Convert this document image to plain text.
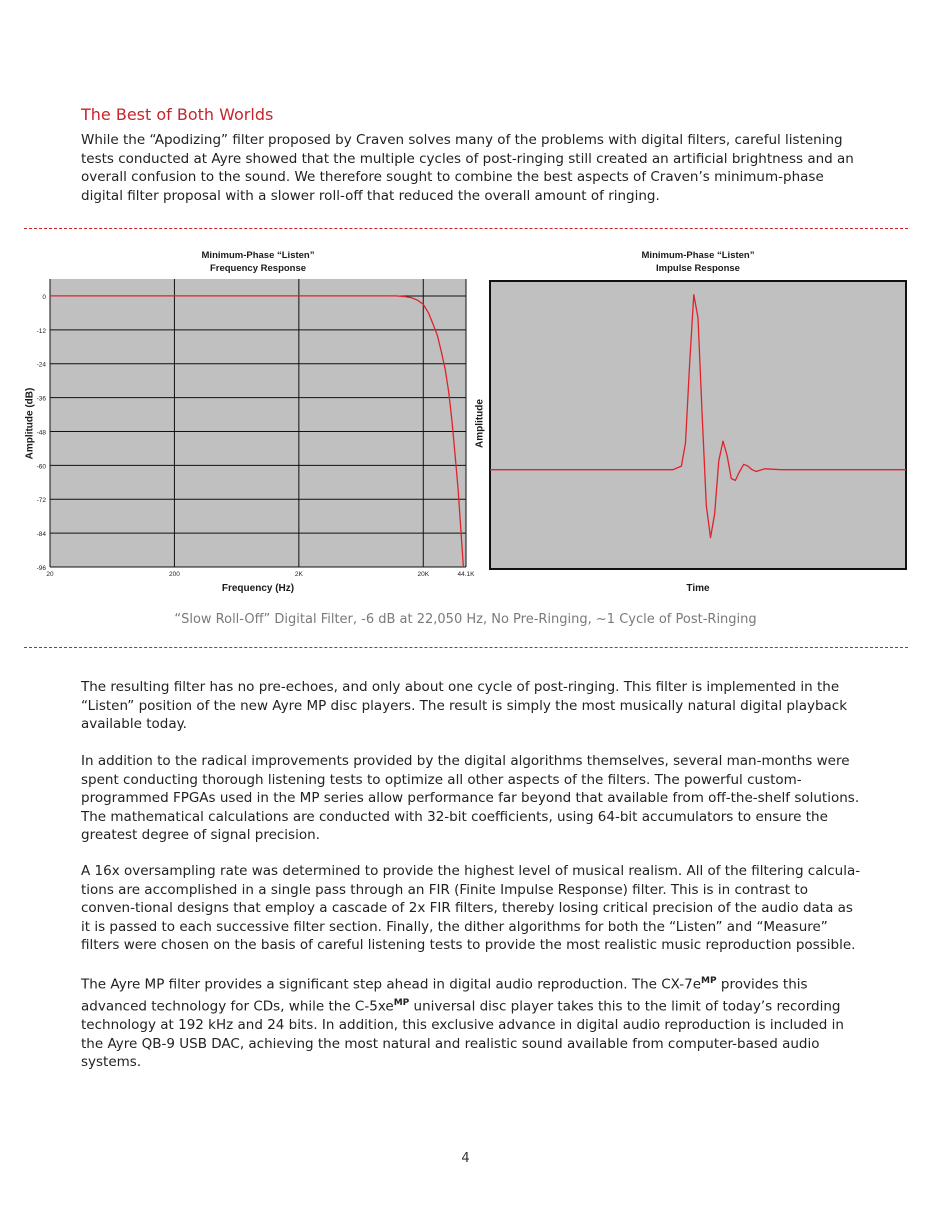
The Best of Both Worlds

While the “Apodizing” filter proposed by Craven solves many of the problems with digital filters, careful listening tests conducted at Ayre showed that the multiple cycles of post-ringing still created an artificial brightness and an overall confusion to the sound. We therefore sought to combine the best aspects of Craven’s minimum-phase digital filter proposal with a slower roll-off that reduced the overall amount of ringing.

Minimum-Phase “Listen”
Frequency Response
Amplitude (dB)
0
-12
-24
-36
-48
-60
-72
-84
-96
20	200	2K	20K	44.1K
Frequency (Hz)
Minimum-Phase “Listen”
Impulse Response
Amplitude
Time
“Slow Roll-Off” Digital Filter, -6 dB at 22,050 Hz, No Pre-Ringing, ~1 Cycle of Post-Ringing

The resulting filter has no pre-echoes, and only about one cycle of post-ringing. This filter is implemented in the “Listen” position of the new Ayre MP disc players. The result is simply the most musically natural digital playback available today.

In addition to the radical improvements provided by the digital algorithms themselves, several man-months were spent conducting thorough listening tests to optimize all other aspects of the filters. The powerful custom-programmed FPGAs used in the MP series allow performance far beyond that available from off-the-shelf solutions. The mathematical calculations are conducted with 32-bit coefficients, using 64-bit accumulators to ensure the greatest degree of signal precision.

A 16x oversampling rate was determined to provide the highest level of musical realism. All of the filtering calcula-tions are accomplished in a single pass through an FIR (Finite Impulse Response) filter. This is in contrast to conven-tional designs that employ a cascade of 2x FIR filters, thereby losing critical precision of the audio data as it is passed to each successive filter section. Finally, the dither algorithms for both the “Listen” and “Measure” filters were chosen on the basis of careful listening tests to provide the most realistic music reproduction possible.

The Ayre MP filter provides a significant step ahead in digital audio reproduction. The $CX-7e^{MP}$ provides this advanced technology for CDs, while the $C-5xe^{MP}$ universal disc player takes this to the limit of today’s recording technology at 192 kHz and 24 bits. In addition, this exclusive advance in digital audio reproduction is included in the Ayre QB-9 USB DAC, achieving the most natural and realistic sound available from computer-based audio systems.

4
